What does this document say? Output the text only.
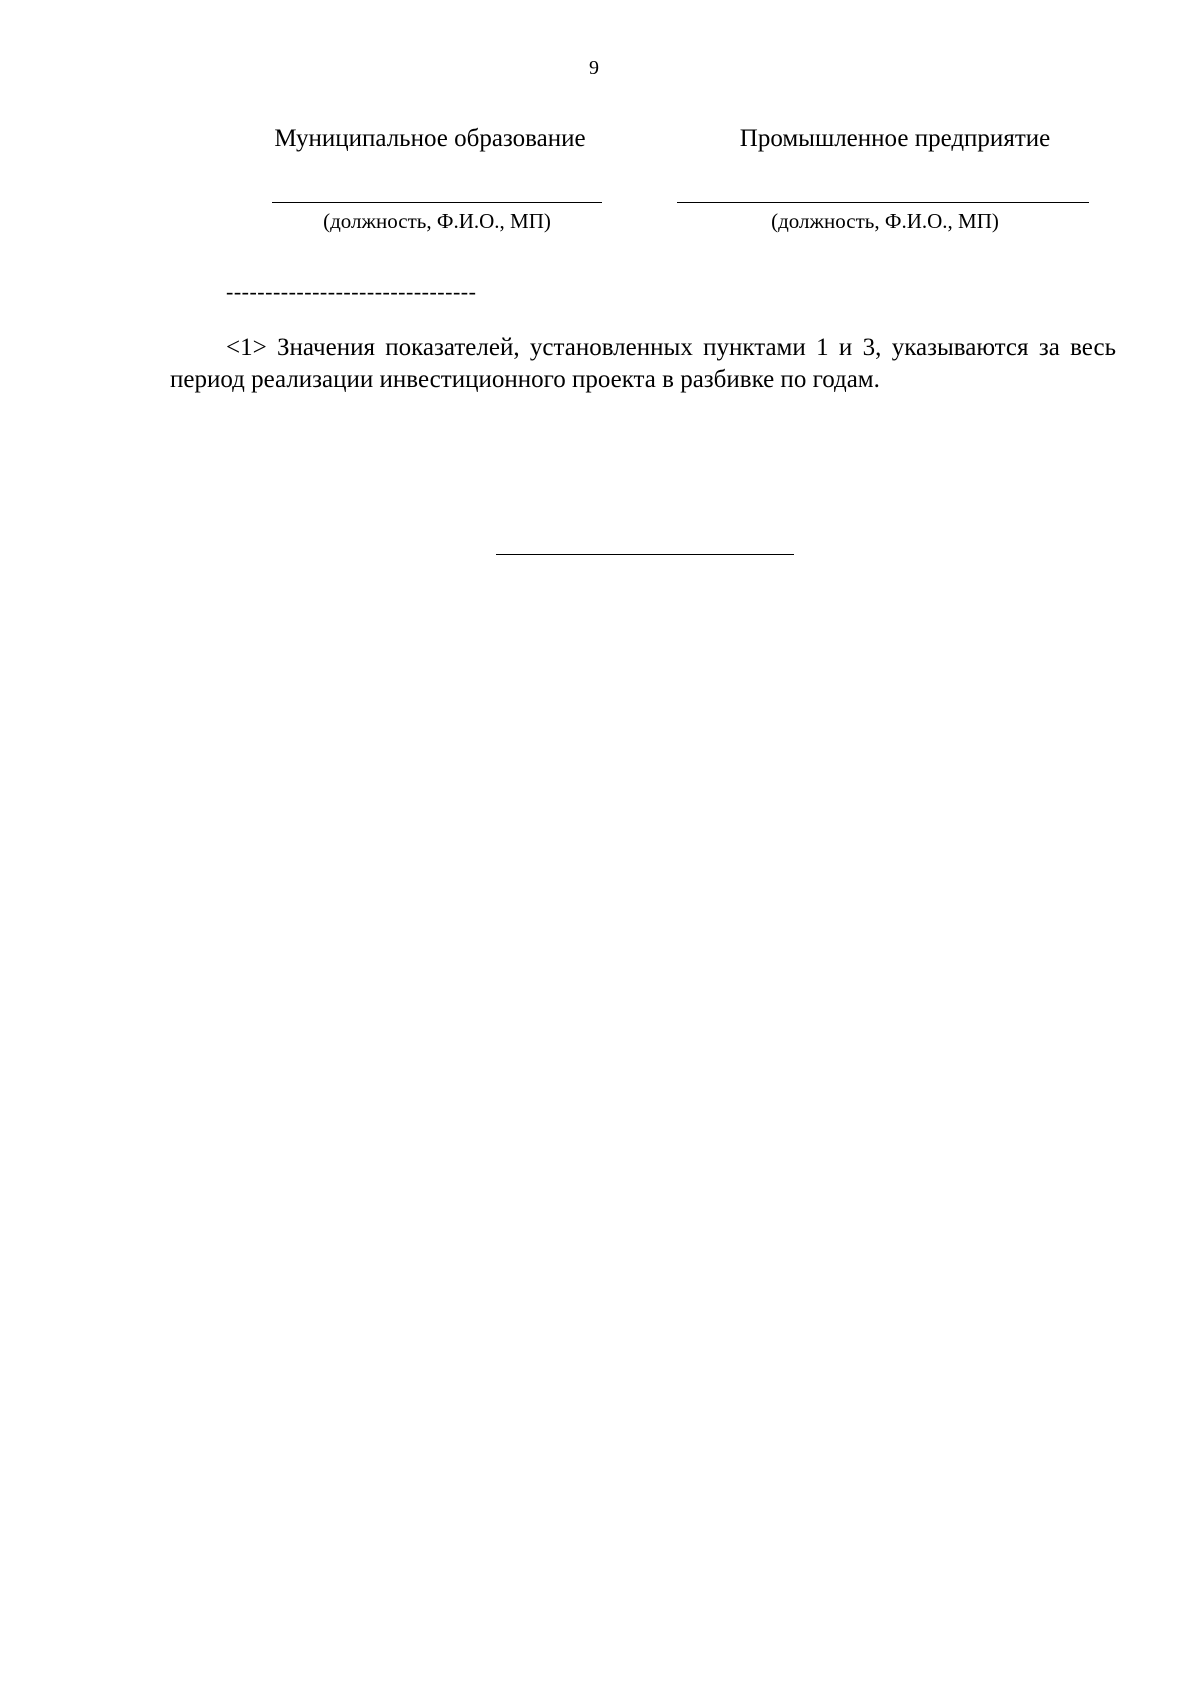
9
Муниципальное образование	Промышленное предприятие
(должность, Ф.И.О., МП)	(должность, Ф.И.О., МП)
--------------------------------
<1> Значения показателей, установленных пунктами 1 и 3, указываются за весь период реализации инвестиционного проекта в разбивке по годам.
